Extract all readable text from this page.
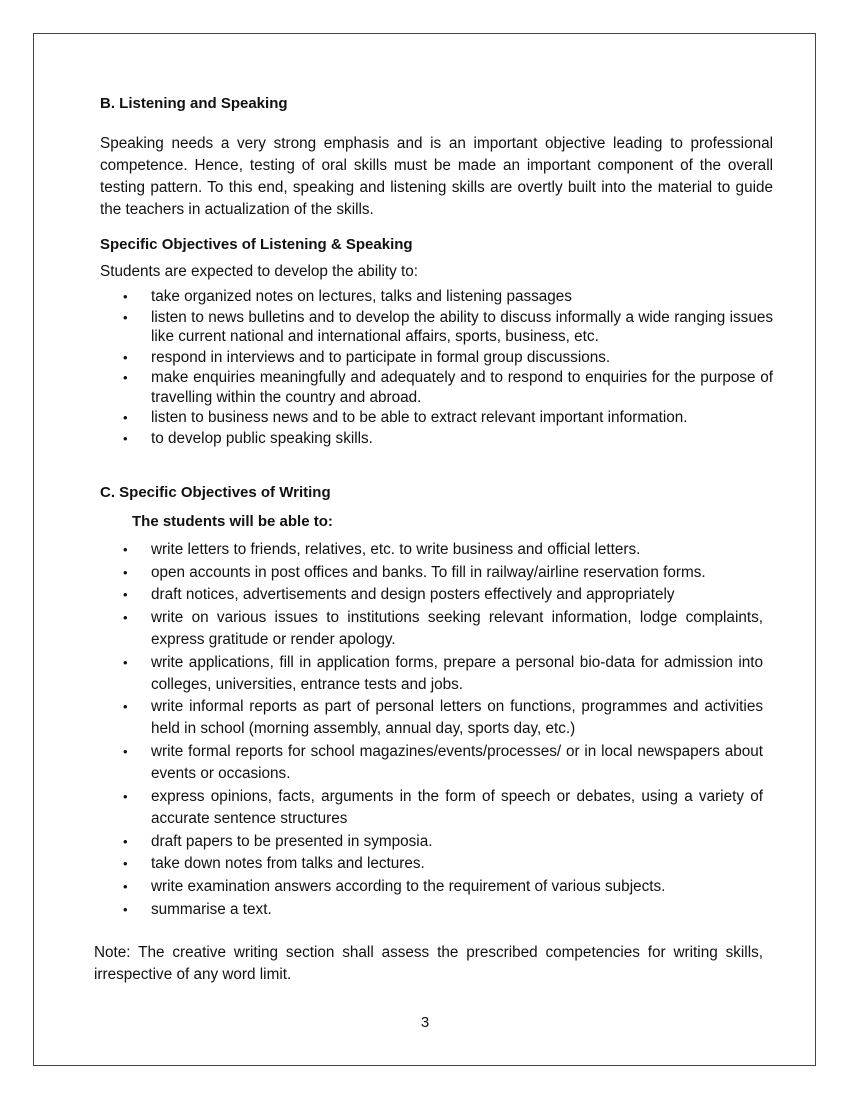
B. Listening and Speaking
Speaking needs a very strong emphasis and is an important objective leading to professional competence. Hence, testing of oral skills must be made an important component of the overall testing pattern. To this end, speaking and listening skills are overtly built into the material to guide the teachers in actualization of the skills.
Specific Objectives of Listening & Speaking
Students are expected to develop the ability to:
• take organized notes on lectures, talks and listening passages
• listen to news bulletins and to develop the ability to discuss informally a wide ranging issues like current national and international affairs, sports, business, etc.
• respond in interviews and to participate in formal group discussions.
• make enquiries meaningfully and adequately and to respond to enquiries for the purpose of travelling within the country and abroad.
• listen to business news and to be able to extract relevant important information.
• to develop public speaking skills.
C. Specific Objectives of Writing
The students will be able to:
• write letters to friends, relatives, etc. to write business and official letters.
• open accounts in post offices and banks. To fill in railway/airline reservation forms.
• draft notices, advertisements and design posters effectively and appropriately
• write on various issues to institutions seeking relevant information, lodge complaints, express gratitude or render apology.
• write applications, fill in application forms, prepare a personal bio-data for admission into colleges, universities, entrance tests and jobs.
• write informal reports as part of personal letters on functions, programmes and activities held in school (morning assembly, annual day, sports day, etc.)
• write formal reports for school magazines/events/processes/ or in local newspapers about events or occasions.
• express opinions, facts, arguments in the form of speech or debates, using a variety of accurate sentence structures
• draft papers to be presented in symposia.
• take down notes from talks and lectures.
• write examination answers according to the requirement of various subjects.
• summarise a text.
Note: The creative writing section shall assess the prescribed competencies for writing skills, irrespective of any word limit.
3
